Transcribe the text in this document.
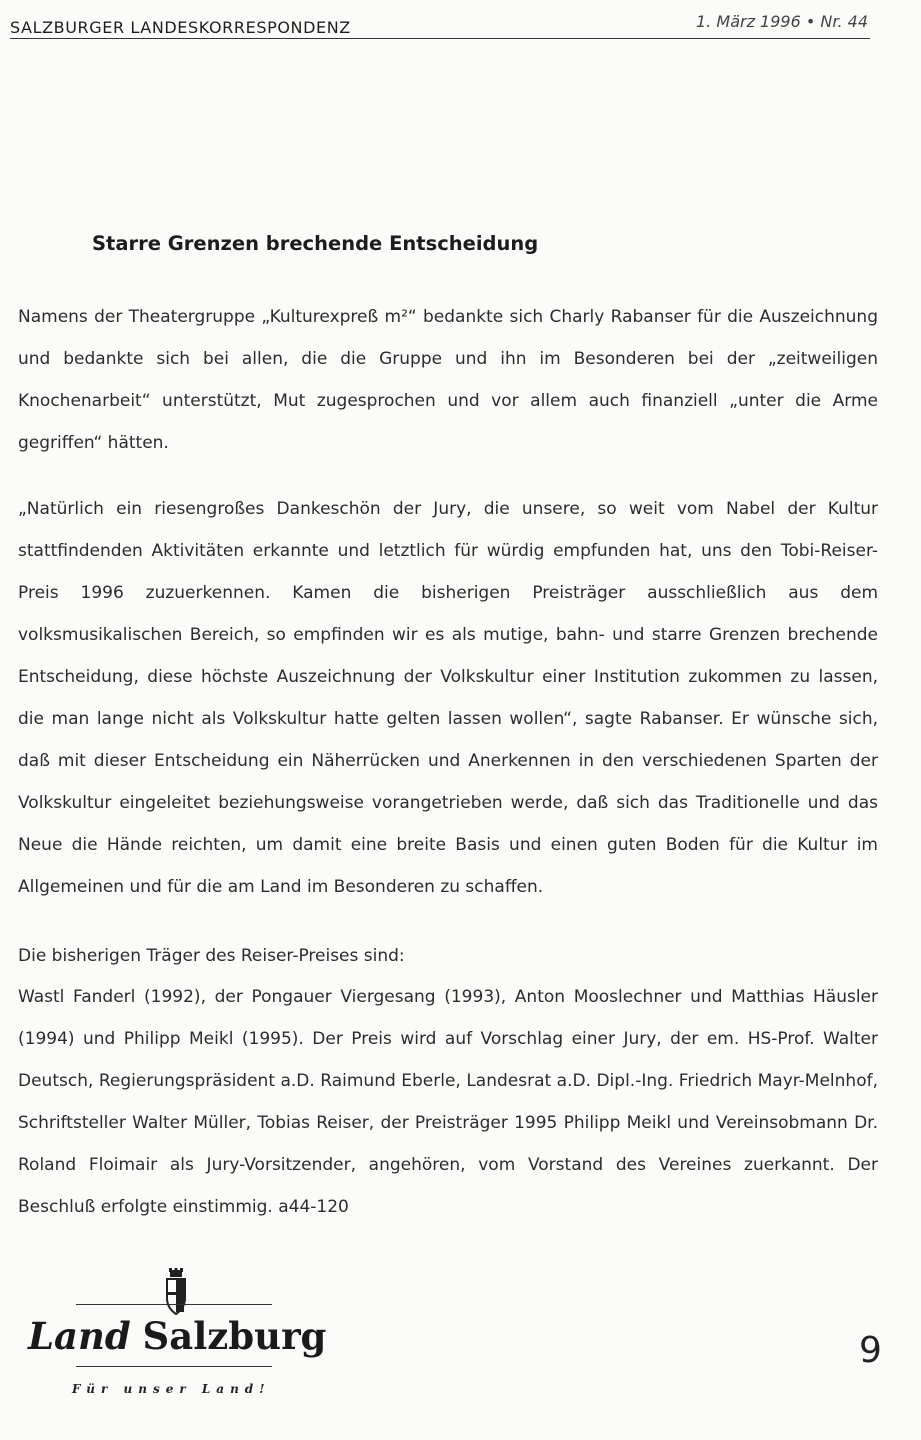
SALZBURGER LANDESKORRESPONDENZ	1. März 1996 • Nr. 44
Starre Grenzen brechende Entscheidung
Namens der Theatergruppe „Kulturexpreß m²“ bedankte sich Charly Rabanser für die Auszeichnung und bedankte sich bei allen, die die Gruppe und ihn im Besonderen bei der „zeitweiligen Knochenarbeit“ unterstützt, Mut zugesprochen und vor allem auch finanziell „unter die Arme gegriffen“ hätten.
„Natürlich ein riesengroßes Dankeschön der Jury, die unsere, so weit vom Nabel der Kultur stattfindenden Aktivitäten erkannte und letztlich für würdig empfunden hat, uns den Tobi-Reiser-Preis 1996 zuzuerkennen. Kamen die bisherigen Preisträger ausschließlich aus dem volksmusikalischen Bereich, so empfinden wir es als mutige, bahn- und starre Grenzen brechende Entscheidung, diese höchste Auszeichnung der Volkskultur einer Institution zukommen zu lassen, die man lange nicht als Volkskultur hatte gelten lassen wollen“, sagte Rabanser. Er wünsche sich, daß mit dieser Entscheidung ein Näherrücken und Anerkennen in den verschiedenen Sparten der Volkskultur eingeleitet beziehungsweise vorangetrieben werde, daß sich das Traditionelle und das Neue die Hände reichten, um damit eine breite Basis und einen guten Boden für die Kultur im Allgemeinen und für die am Land im Besonderen zu schaffen.
Die bisherigen Träger des Reiser-Preises sind:
Wastl Fanderl (1992), der Pongauer Viergesang (1993), Anton Mooslechner und Matthias Häusler (1994) und Philipp Meikl (1995). Der Preis wird auf Vorschlag einer Jury, der em. HS-Prof. Walter Deutsch, Regierungspräsident a.D. Raimund Eberle, Landesrat a.D. Dipl.-Ing. Friedrich Mayr-Melnhof, Schriftsteller Walter Müller, Tobias Reiser, der Preisträger 1995 Philipp Meikl und Vereinsobmann Dr. Roland Floimair als Jury-Vorsitzender, angehören, vom Vorstand des Vereines zuerkannt. Der Beschluß erfolgte einstimmig. a44-120
Land Salzburg
Für unser Land!
9
